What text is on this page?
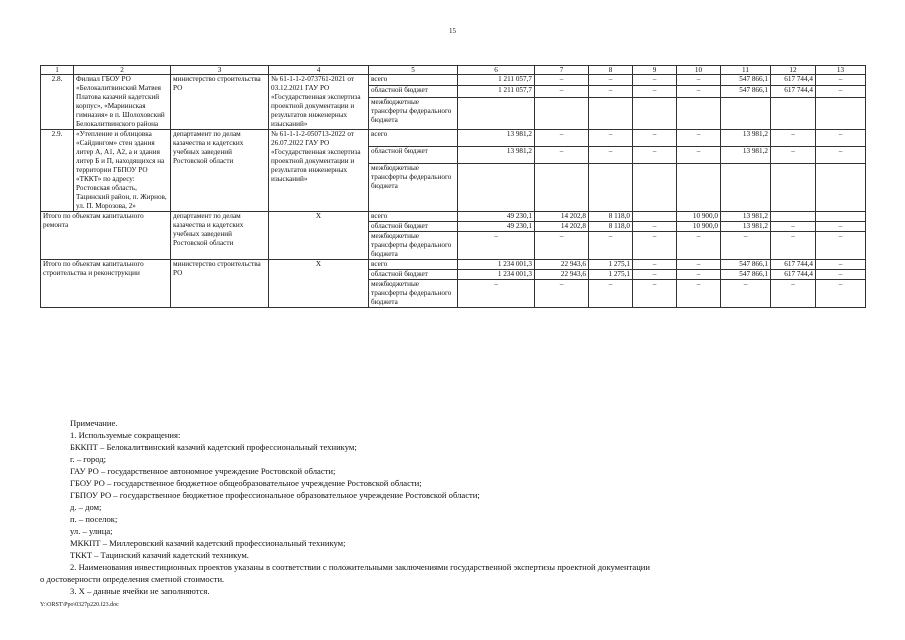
15
1	2	3	4	5	6	7	8	9	10	11	12	13
2.8.	Филиал ГБОУ РО «Белокалитвинский Матвея Платова казачий кадетский корпус», «Мариинская гимназия» в п. Шолоховский Белокалитвинского района	министерство строительства РО	№ 61-1-1-2-073761-2021 от 03.12.2021 ГАУ РО «Государственная экспертиза проектной документации и результатов инженерных изысканий»	всего	1 211 057,7	–	–	–	–	547 866,1	617 744,4	–
				областной бюджет	1 211 057,7	–	–	–	–	547 866,1	617 744,4	–
				межбюджетные трансферты федерального бюджета								
2.9.	«Утепление и облицовка «Сайдингом» стен здания литер А, А1, А2, а и здания литер Б и П, находящихся на территории ГБПОУ РО «ТККТ» по адресу: Ростовская область, Тацинский район, п. Жирнов, ул. П. Морозова, 2»	департамент по делам казачества и кадетских учебных заведений Ростовской области	№ 61-1-1-2-050713-2022 от 26.07.2022 ГАУ РО «Государственная экспертиза проектной документации и результатов инженерных изысканий»	всего	13 981,2	–	–	–	–	13 981,2	–	–
				областной бюджет	13 981,2	–	–	–	–	13 981,2	–	–
				межбюджетные трансферты федерального бюджета								
Итого по объектам капитального ремонта		департамент по делам казачества и кадетских учебных заведений Ростовской области	Х	всего	49 230,1	14 202,8	8 118,0		10 900,0	13 981,2		
				областной бюджет	49 230,1	14 202,8	8 118,0	–	10 900,0	13 981,2	–	–
				межбюджетные трансферты федерального бюджета	–	–	–	–	–	–	–	–
Итого по объектам капитального строительства и реконструкции		министерство строительства РО	Х	всего	1 234 001,3	22 943,6	1 275,1	–	–	547 866,1	617 744,4	–
				областной бюджет	1 234 001,3	22 943,6	1 275,1	–	–	547 866,1	617 744,4	–
				межбюджетные трансферты федерального бюджета	–	–	–	–	–	–	–	–

Примечание.

1. Используемые сокращения:

БККПТ – Белокалитвинский казачий кадетский профессиональный техникум;

г. – город;

ГАУ РО – государственное автономное учреждение Ростовской области;

ГБОУ РО – государственное бюджетное общеобразовательное учреждение Ростовской области;

ГБПОУ РО – государственное бюджетное профессиональное образовательное учреждение Ростовской области;

д. – дом;

п. – поселок;

ул. – улица;

МККПТ – Миллеровский казачий кадетский профессиональный техникум;

ТККТ – Тацинский казачий кадетский техникум.

2. Наименования инвестиционных проектов указаны в соответствии с положительными заключениями государственной экспертизы проектной документации

о достоверности определения сметной стоимости.

3. Х – данные ячейки не заполняются.

Y:\ORST\Ppo\0327p220.f23.doc
